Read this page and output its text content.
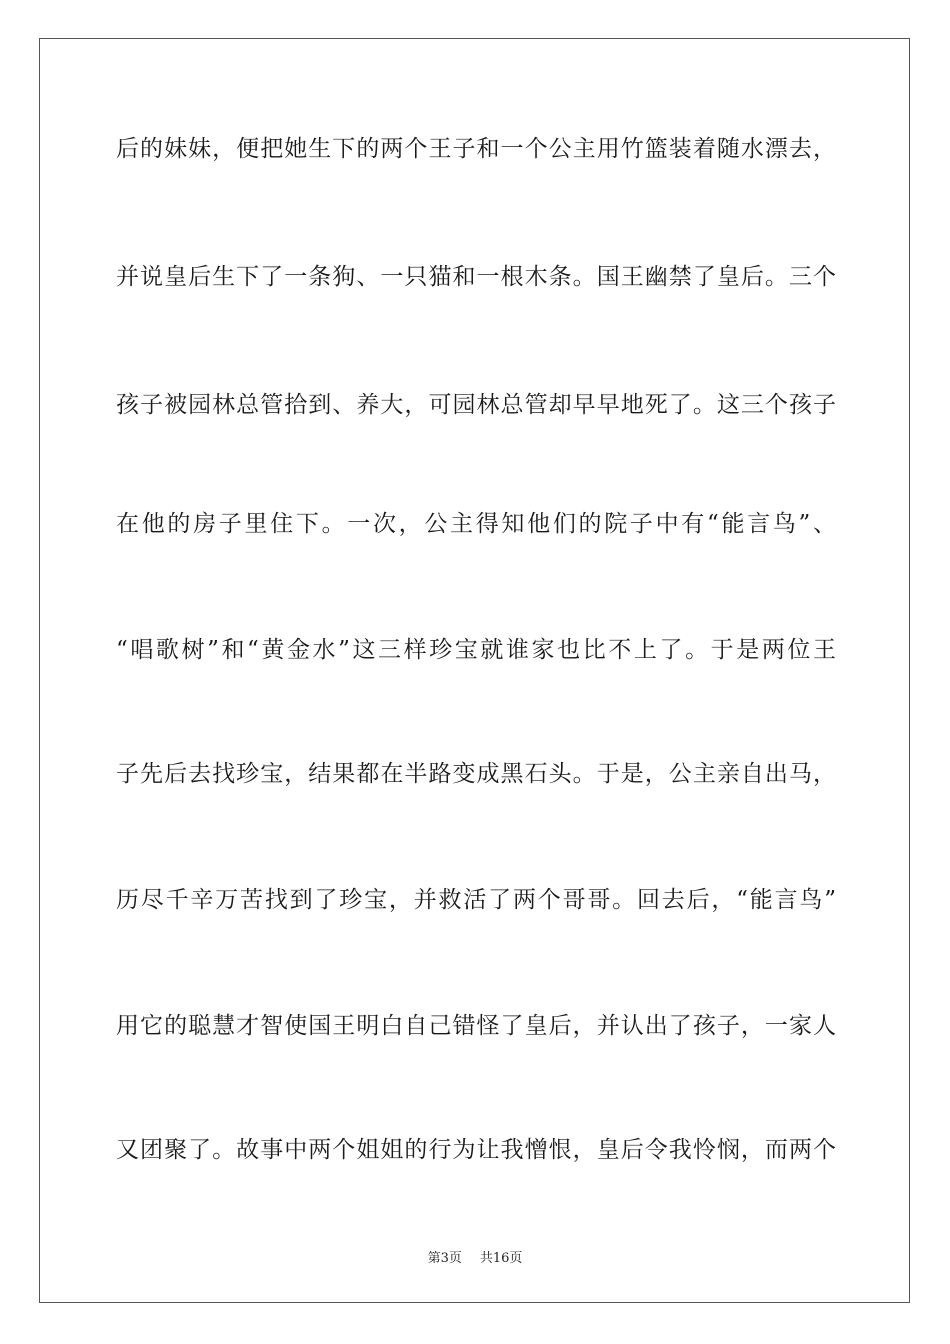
后的妹妹，便把她生下的两个王子和一个公主用竹篮装着随水漂去，
并说皇后生下了一条狗、一只猫和一根木条。国王幽禁了皇后。三个
孩子被园林总管拾到、养大，可园林总管却早早地死了。这三个孩子
在他的房子里住下。一次，公主得知他们的院子中有“能言鸟”、
“唱歌树”和“黄金水”这三样珍宝就谁家也比不上了。于是两位王
子先后去找珍宝，结果都在半路变成黑石头。于是，公主亲自出马，
历尽千辛万苦找到了珍宝，并救活了两个哥哥。回去后，“能言鸟”
用它的聪慧才智使国王明白自己错怪了皇后，并认出了孩子，一家人
又团聚了。故事中两个姐姐的行为让我憎恨，皇后令我怜悯，而两个
第3页 共16页
